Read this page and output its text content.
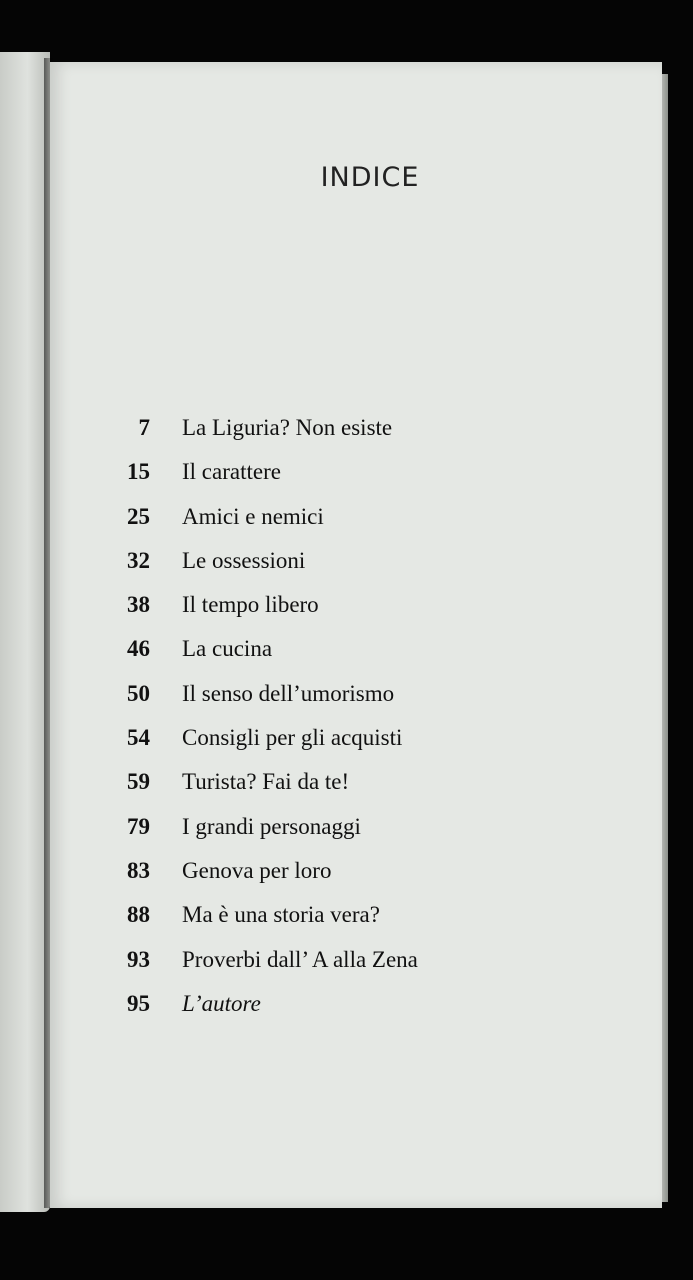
INDICE
7 La Liguria? Non esiste
15 Il carattere
25 Amici e nemici
32 Le ossessioni
38 Il tempo libero
46 La cucina
50 Il senso dell’umorismo
54 Consigli per gli acquisti
59 Turista? Fai da te!
79 I grandi personaggi
83 Genova per loro
88 Ma è una storia vera?
93 Proverbi dall’ A alla Zena
95 L’autore
